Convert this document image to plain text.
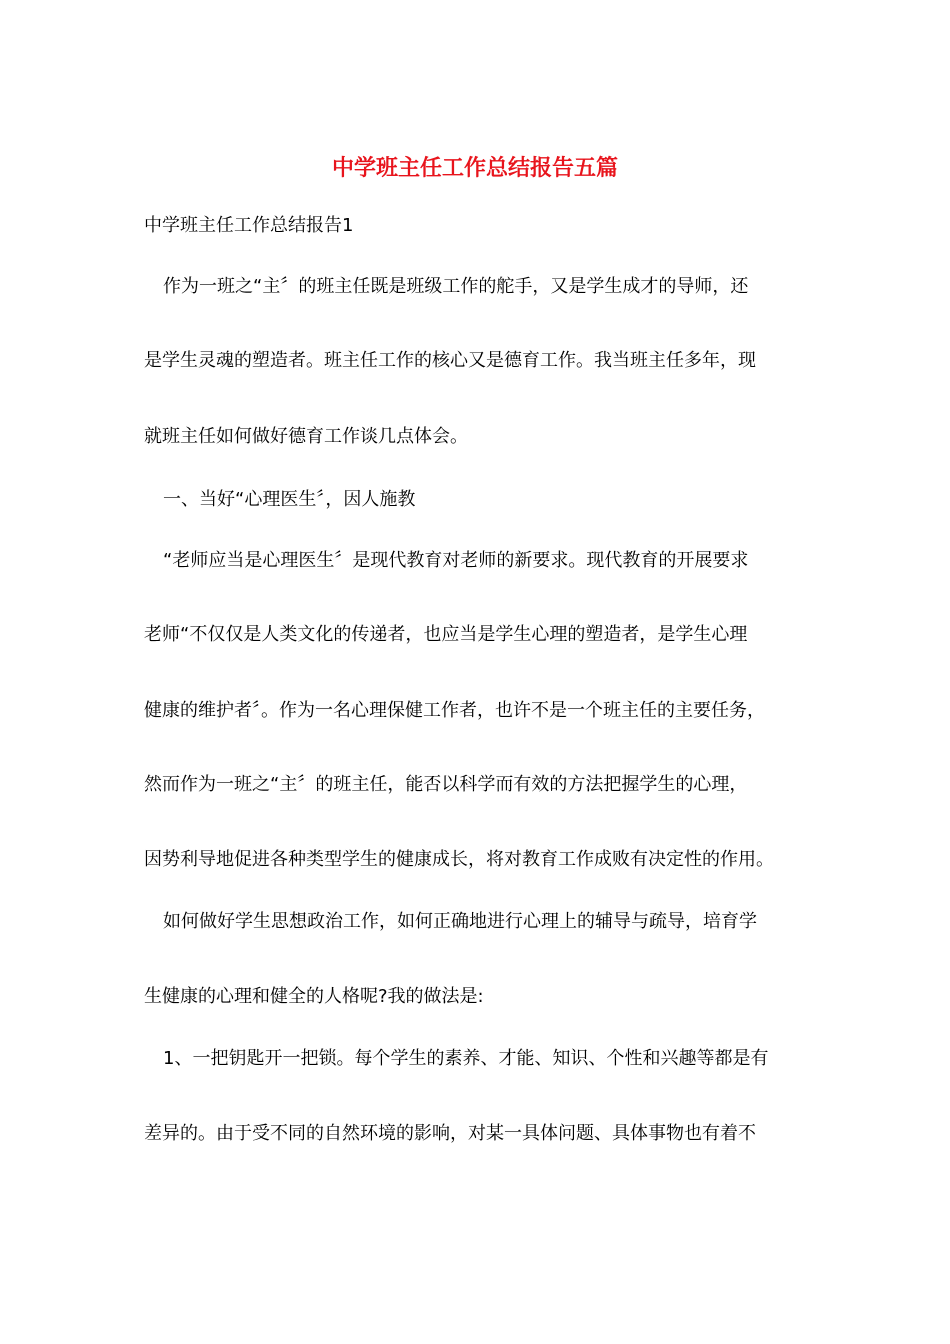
中学班主任工作总结报告五篇

中学班主任工作总结报告1

作为一班之“主〞的班主任既是班级工作的舵手，又是学生成才的导师，还

是学生灵魂的塑造者。班主任工作的核心又是德育工作。我当班主任多年，现

就班主任如何做好德育工作谈几点体会。

一、当好“心理医生〞，因人施教

“老师应当是心理医生〞是现代教育对老师的新要求。现代教育的开展要求

老师“不仅仅是人类文化的传递者，也应当是学生心理的塑造者，是学生心理

健康的维护者〞。作为一名心理保健工作者，也许不是一个班主任的主要任务，

然而作为一班之“主〞的班主任，能否以科学而有效的方法把握学生的心理，

因势利导地促进各种类型学生的健康成长，将对教育工作成败有决定性的作用。

如何做好学生思想政治工作，如何正确地进行心理上的辅导与疏导，培育学

生健康的心理和健全的人格呢?我的做法是:

1、一把钥匙开一把锁。每个学生的素养、才能、知识、个性和兴趣等都是有

差异的。由于受不同的自然环境的影响，对某一具体问题、具体事物也有着不
